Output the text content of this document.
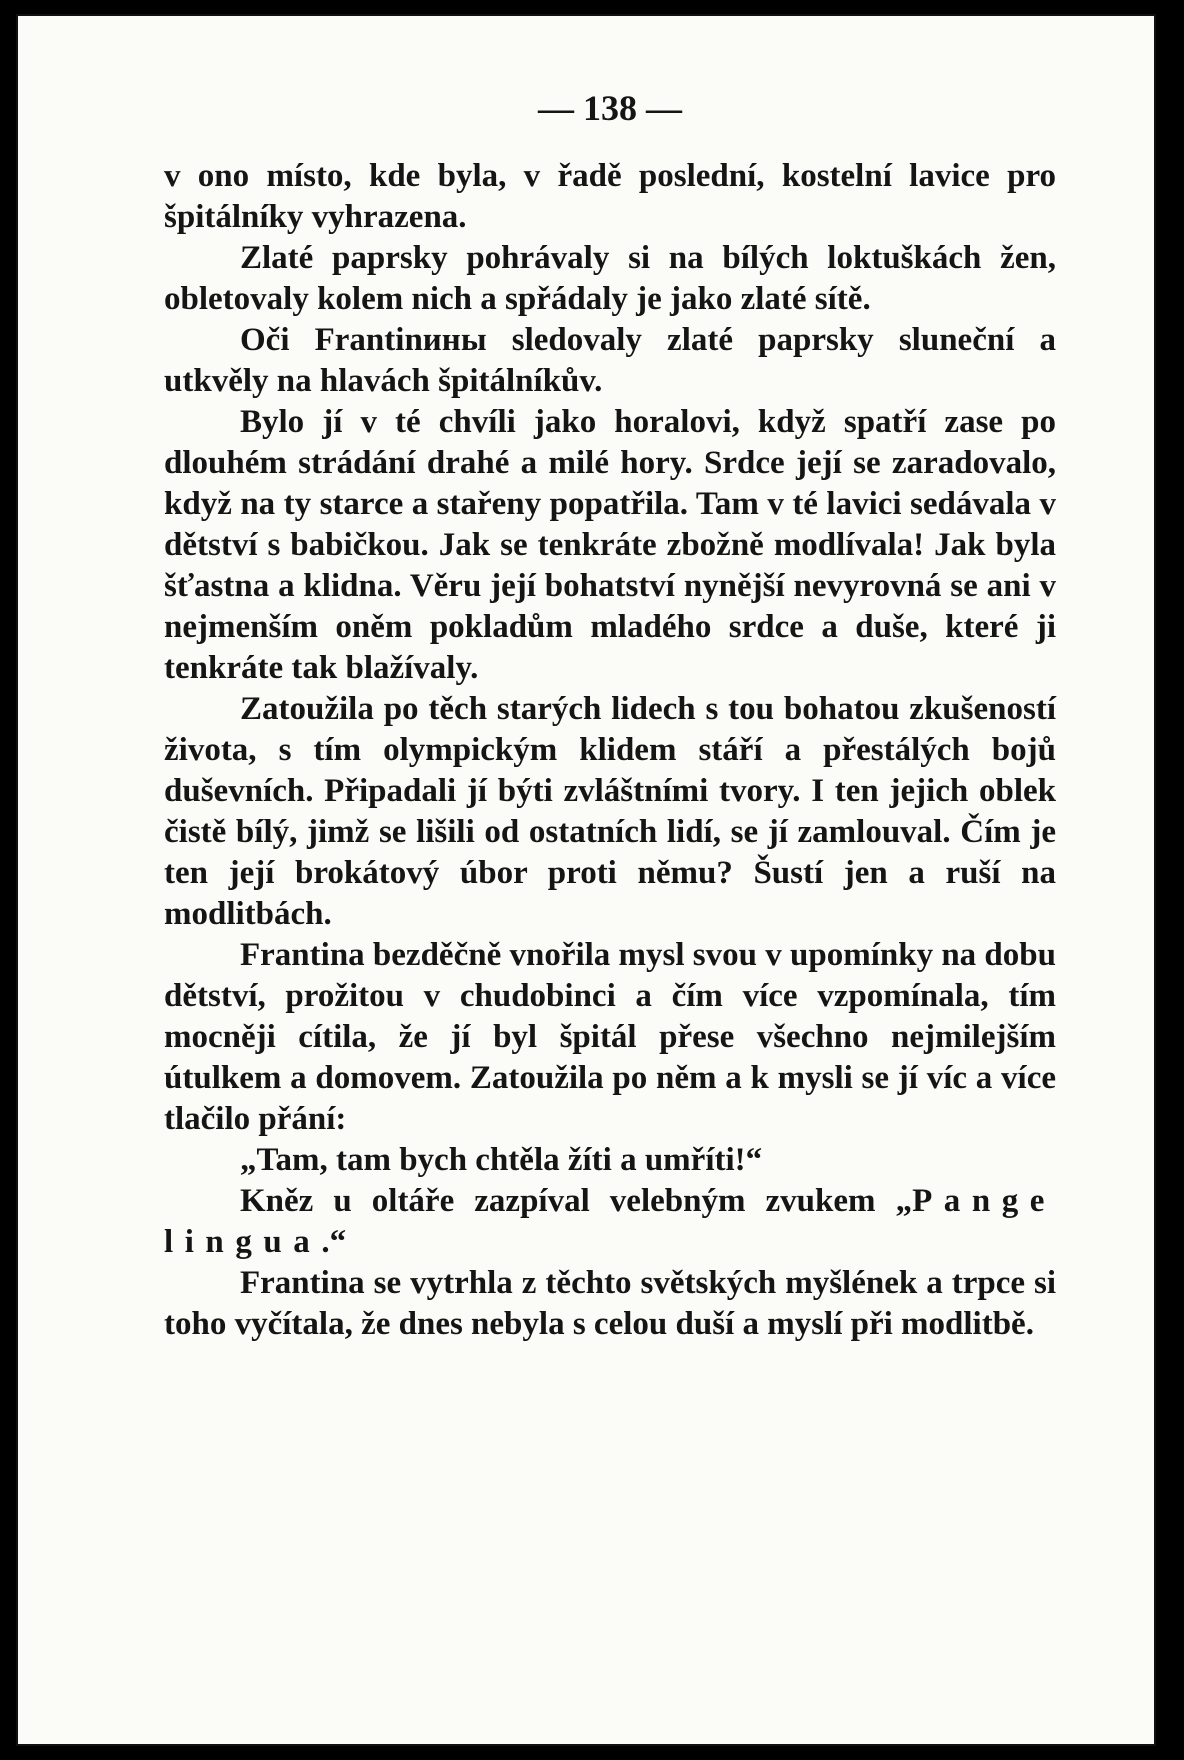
— 138 —

v ono místo, kde byla, v řadě poslední, kostelní lavice pro špitálníky vyhrazena.

Zlaté paprsky pohrávaly si na bílých loktuškách žen, obletovaly kolem nich a spřádaly je jako zlaté sítě.

Oči Frantinины sledovaly zlaté paprsky sluneční a utkvěly na hlavách špitálníkův.

Bylo jí v té chvíli jako horalovi, když spatří zase po dlouhém strádání drahé a milé hory. Srdce její se zaradovalo, když na ty starce a stařeny popatřila. Tam v té lavici sedávala v dětství s babičkou. Jak se tenkráte zbožně modlívala! Jak byla šťastna a klidna. Věru její bohatství nynější nevyrovná se ani v nejmenším oněm pokladům mladého srdce a duše, které ji tenkráte tak blažívaly.

Zatoužila po těch starých lidech s tou bohatou zkušeností života, s tím olympickým klidem stáří a přestálých bojů duševních. Připadali jí býti zvláštními tvory. I ten jejich oblek čistě bílý, jimž se lišili od ostatních lidí, se jí zamlouval. Čím je ten její brokátový úbor proti němu? Šustí jen a ruší na modlitbách.

Frantina bezděčně vnořila mysl svou v upomínky na dobu dětství, prožitou v chudobinci a čím více vzpomínala, tím mocněji cítila, že jí byl špitál přese všechno nejmilejším útulkem a domovem. Zatoužila po něm a k mysli se jí víc a více tlačilo přání:

„Tam, tam bych chtěla žíti a umříti!“

Kněz u oltáře zazpíval velebným zvukem „Pange lingua.“

Frantina se vytrhla z těchto světských myšlének a trpce si toho vyčítala, že dnes nebyla s celou duší a myslí při modlitbě.
